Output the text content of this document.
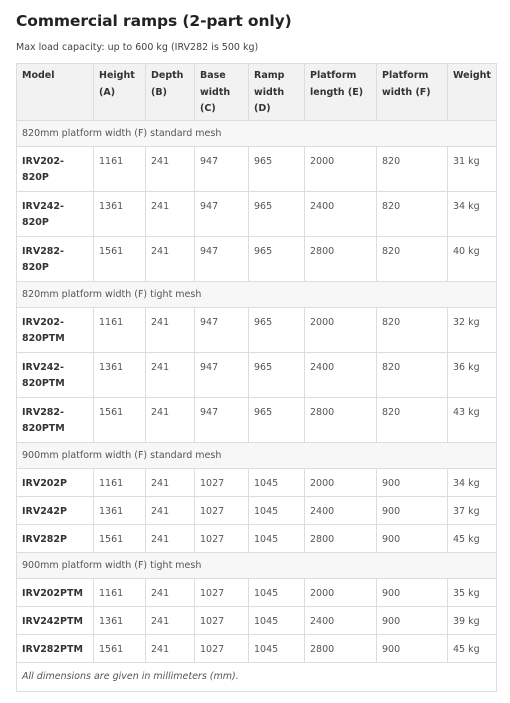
Commercial ramps (2-part only)

Max load capacity: up to 600 kg (IRV282 is 500 kg)

Model	Height (A)	Depth (B)	Base width (C)	Ramp width (D)	Platform length (E)	Platform width (F)	Weight
820mm platform width (F) standard mesh							
IRV202-820P	1161	241	947	965	2000	820	31 kg
IRV242-820P	1361	241	947	965	2400	820	34 kg
IRV282-820P	1561	241	947	965	2800	820	40 kg
820mm platform width (F) tight mesh							
IRV202-820PTM	1161	241	947	965	2000	820	32 kg
IRV242-820PTM	1361	241	947	965	2400	820	36 kg
IRV282-820PTM	1561	241	947	965	2800	820	43 kg
900mm platform width (F) standard mesh							
IRV202P	1161	241	1027	1045	2000	900	34 kg
IRV242P	1361	241	1027	1045	2400	900	37 kg
IRV282P	1561	241	1027	1045	2800	900	45 kg
900mm platform width (F) tight mesh							
IRV202PTM	1161	241	1027	1045	2000	900	35 kg
IRV242PTM	1361	241	1027	1045	2400	900	39 kg
IRV282PTM	1561	241	1027	1045	2800	900	45 kg
All dimensions are given in millimeters (mm).							
